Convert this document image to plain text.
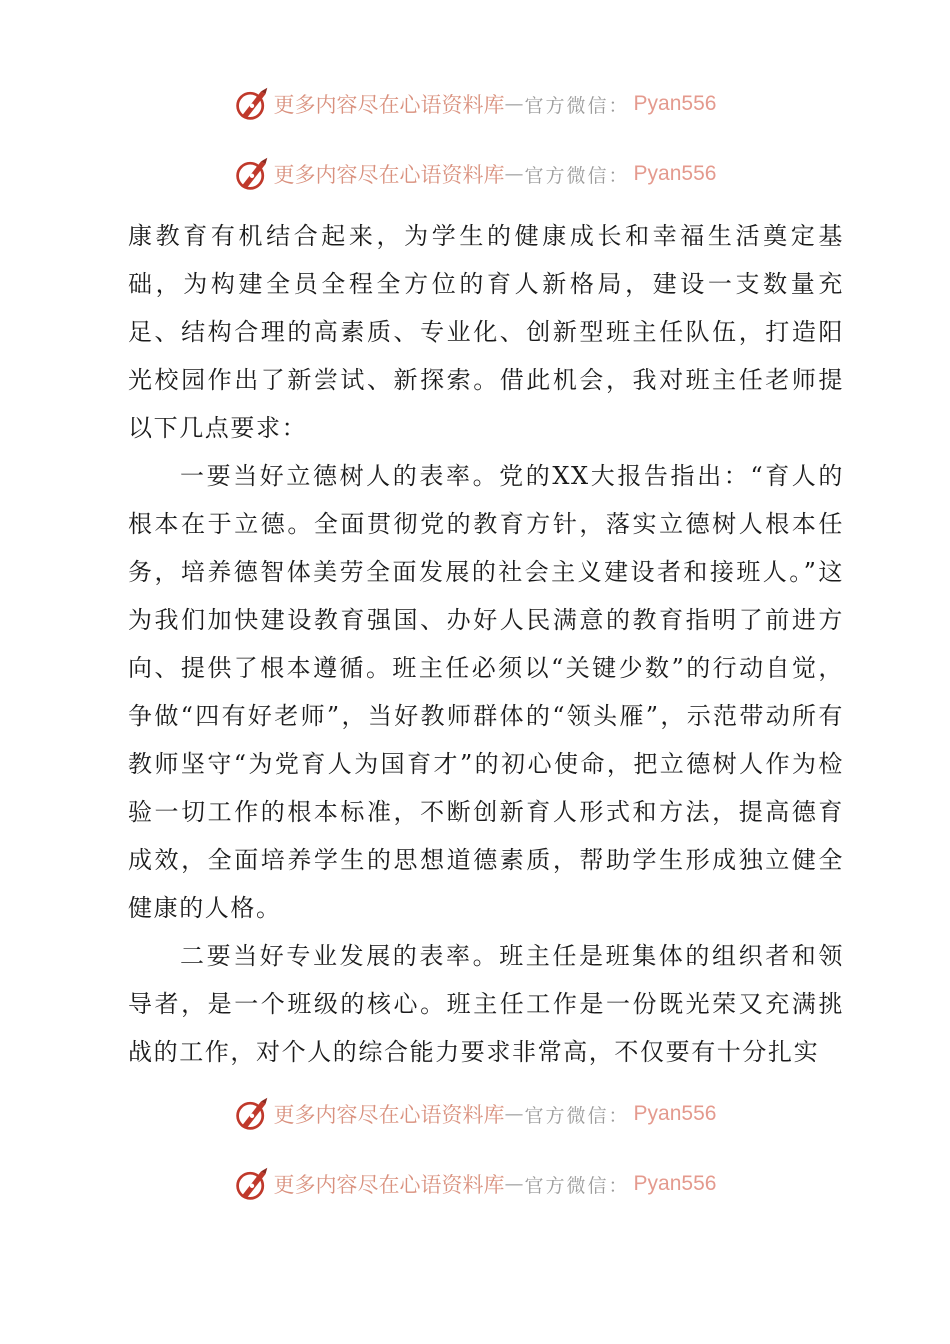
更多内容尽在心语资料库 — 官方微信： Pyan556
更多内容尽在心语资料库 — 官方微信： Pyan556

康教育有机结合起来，为学生的健康成长和幸福生活奠定基础，为构建全员全程全方位的育人新格局，建设一支数量充足、结构合理的高素质、专业化、创新型班主任队伍，打造阳光校园作出了新尝试、新探索。借此机会，我对班主任老师提以下几点要求：

一要当好立德树人的表率。党的XX大报告指出：“育人的根本在于立德。全面贯彻党的教育方针，落实立德树人根本任务，培养德智体美劳全面发展的社会主义建设者和接班人。”这为我们加快建设教育强国、办好人民满意的教育指明了前进方向、提供了根本遵循。班主任必须以“关键少数”的行动自觉，争做“四有好老师”，当好教师群体的“领头雁”，示范带动所有教师坚守“为党育人为国育才”的初心使命，把立德树人作为检验一切工作的根本标准，不断创新育人形式和方法，提高德育成效，全面培养学生的思想道德素质，帮助学生形成独立健全健康的人格。

二要当好专业发展的表率。班主任是班集体的组织者和领导者，是一个班级的核心。班主任工作是一份既光荣又充满挑战的工作，对个人的综合能力要求非常高，不仅要有十分扎实

更多内容尽在心语资料库 — 官方微信： Pyan556
更多内容尽在心语资料库 — 官方微信： Pyan556
